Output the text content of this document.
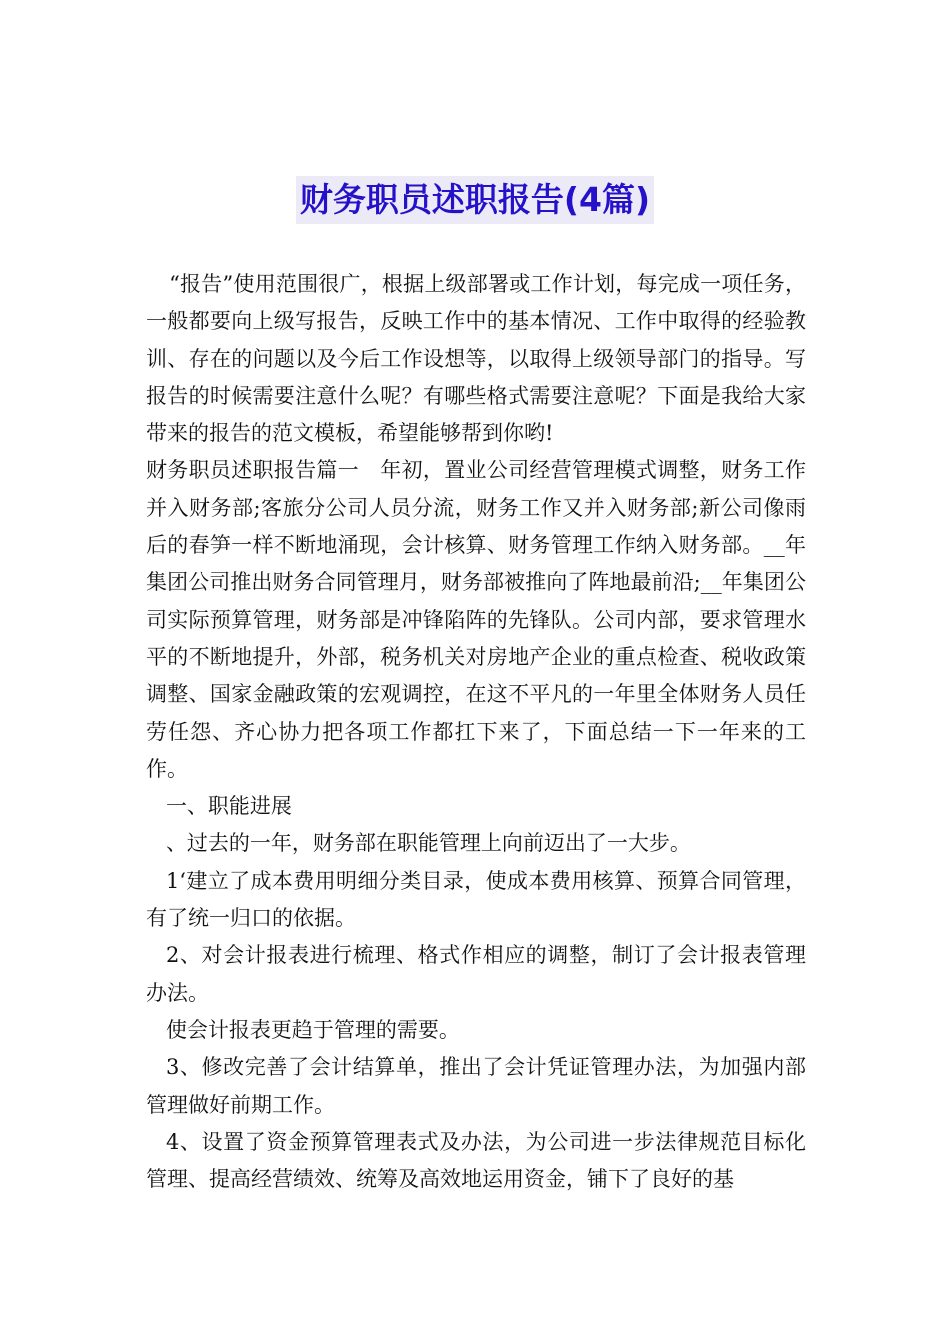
财务职员述职报告(4篇)

“报告”使用范围很广，根据上级部署或工作计划，每完成一项任务，一般都要向上级写报告，反映工作中的基本情况、工作中取得的经验教训、存在的问题以及今后工作设想等，以取得上级领导部门的指导。写报告的时候需要注意什么呢？有哪些格式需要注意呢？下面是我给大家带来的报告的范文模板，希望能够帮到你哟!

财务职员述职报告篇一　年初，置业公司经营管理模式调整，财务工作并入财务部;客旅分公司人员分流，财务工作又并入财务部;新公司像雨后的春笋一样不断地涌现，会计核算、财务管理工作纳入财务部。__年集团公司推出财务合同管理月，财务部被推向了阵地最前沿;__年集团公司实际预算管理，财务部是冲锋陷阵的先锋队。公司内部，要求管理水平的不断地提升，外部，税务机关对房地产企业的重点检查、税收政策调整、国家金融政策的宏观调控，在这不平凡的一年里全体财务人员任劳任怨、齐心协力把各项工作都扛下来了，下面总结一下一年来的工作。

一、职能进展

、过去的一年，财务部在职能管理上向前迈出了一大步。

1‘建立了成本费用明细分类目录，使成本费用核算、预算合同管理，有了统一归口的依据。

2、对会计报表进行梳理、格式作相应的调整，制订了会计报表管理办法。

使会计报表更趋于管理的需要。

3、修改完善了会计结算单，推出了会计凭证管理办法，为加强内部管理做好前期工作。

4、设置了资金预算管理表式及办法，为公司进一步法律规范目标化管理、提高经营绩效、统筹及高效地运用资金，铺下了良好的基
